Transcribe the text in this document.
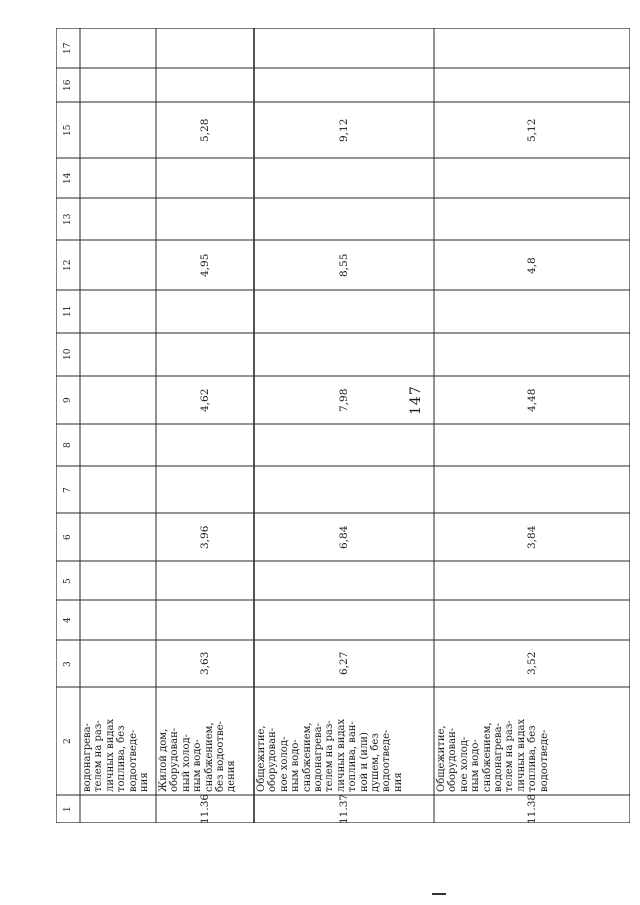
147
1
2
3
4
5
6
7
8
9
10
11
12
13
14
15
16
17
водонагрева-
телем на раз-
личных видах
топлива, без
водоотведе-
ния
11.36
Жилой дом,
оборудован-
ный холод-
ным водо-
снабжением,
без водоотве-
дения
3,63
3,96
4,62
4,95
5,28
11.37
Общежитие,
оборудован-
ное холод-
ным водо-
снабжением,
водонагрева-
телем на раз-
личных видах
топлива, ван-
ной и (или)
душем, без
водоотведе-
ния
6,27
6,84
7,98
8,55
9,12
11.38
Общежитие,
оборудован-
ное холод-
ным водо-
снабжением,
водонагрева-
телем на раз-
личных видах
топлива, без
водоотведе-
3,52
3,84
4,48
4,8
5,12
